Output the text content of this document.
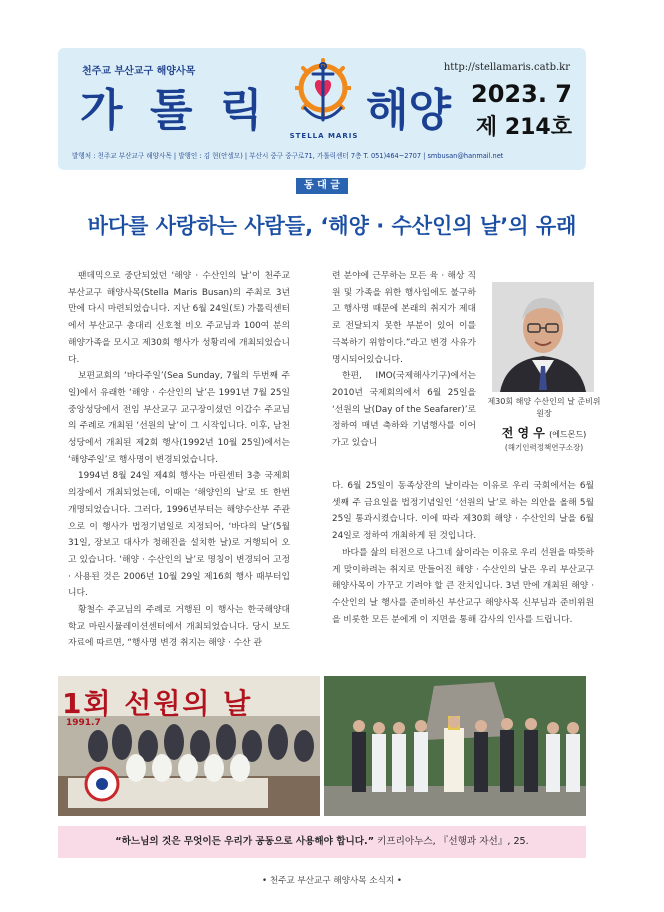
천주교 부산교구 해양사목
가 톨 릭	STELLA MARIS 해양
http://stellamaris.catb.kr
2023. 7
제 214호
발행처 : 천주교 부산교구 해양사목 | 발행인 : 김 현(안셀모) | 부산시 중구 중구로71, 가톨릭센터 7층 T. 051)464~2707 | smbusan@hanmail.net
동 대 글
바다를 사랑하는 사람들, ‘해양 · 수산인의 날’의 유래

팬데믹으로 중단되었던 ‘해양 · 수산인의 날’이 천주교 부산교구 해양사목(Stella Maris Busan)의 주최로 3년 만에 다시 마련되었습니다. 지난 6월 24일(토) 가톨릭센터에서 부산교구 총대리 신호철 비오 주교님과 100여 분의 해양가족을 모시고 제30회 행사가 성황리에 개최되었습니다.

보편교회의 ‘바다주일’(Sea Sunday, 7월의 두번째 주일)에서 유래한 ‘해양 · 수산인의 날’은 1991년 7월 25일 중앙성당에서 전임 부산교구 교구장이셨던 이갑수 주교님의 주례로 개최된 ‘선원의 날’이 그 시작입니다. 이후, 남천성당에서 개최된 제2회 행사(1992년 10월 25일)에서는 ‘해양주일’로 행사명이 변경되었습니다.

1994년 8월 24일 제4회 행사는 마린센터 3층 국제회의장에서 개최되었는데, 이때는 ‘해양인의 날’로 또 한번 개명되었습니다. 그러다, 1996년부터는 해양수산부 주관으로 이 행사가 법정기념일로 지정되어, ‘바다의 날’(5월 31일, 장보고 대사가 청해진을 설치한 날)로 거행되어 오고 있습니다. ‘해양 · 수산인의 날’로 명칭이 변경되어 고정 · 사용된 것은 2006년 10월 29일 제16회 행사 때부터입니다.

황철수 주교님의 주례로 거행된 이 행사는 한국해양대학교 마린시뮬레이션센터에서 개최되었습니다. 당시 보도자료에 따르면, “행사명 변경 취지는 해양 · 수산 관

련 분야에 근무하는 모든 육 · 해상 직원 및 가족을 위한 행사임에도 불구하고 행사명 때문에 본래의 취지가 제대로 전달되지 못한 부분이 있어 이를 극복하기 위함이다.”라고 변경 사유가 명시되어있습니다.

한편, IMO(국제해사기구)에서는 2010년 국제회의에서 6월 25일을 ‘선원의 날(Day of the Seafarer)’로 정하여 매년 축하와 기념행사를 이어가고 있습니

제30회 해양 수산인의 날 준비위원장
전 영 우 (에드몬드)
(해기인력정책연구소장)

다. 6월 25일이 동족상잔의 날이라는 이유로 우리 국회에서는 6월 셋째 주 금요일을 법정기념일인 ‘선원의 날’로 하는 의안을 올해 5월 25일 통과시켰습니다. 이에 따라 제30회 해양 · 수산인의 날을 6월 24일로 정하여 개최하게 된 것입니다.

바다를 삶의 터전으로 나그네 삶이라는 이유로 우리 선원을 따뜻하게 맞이하려는 취지로 만들어진 해양 · 수산인의 날은 우리 부산교구 해양사목이 가꾸고 기려야 할 큰 잔치입니다. 3년 만에 개최된 해양 · 수산인의 날 행사를 준비하신 부산교구 해양사목 신부님과 준비위원을 비롯한 모든 분에게 이 지면을 통해 감사의 인사를 드립니다.

1회 선원의 날
1991.7
“하느님의 것은 무엇이든 우리가 공동으로 사용해야 합니다.” 키프리아누스, 『선행과 자선』, 25.
• 천주교 부산교구 해양사목 소식지 •
